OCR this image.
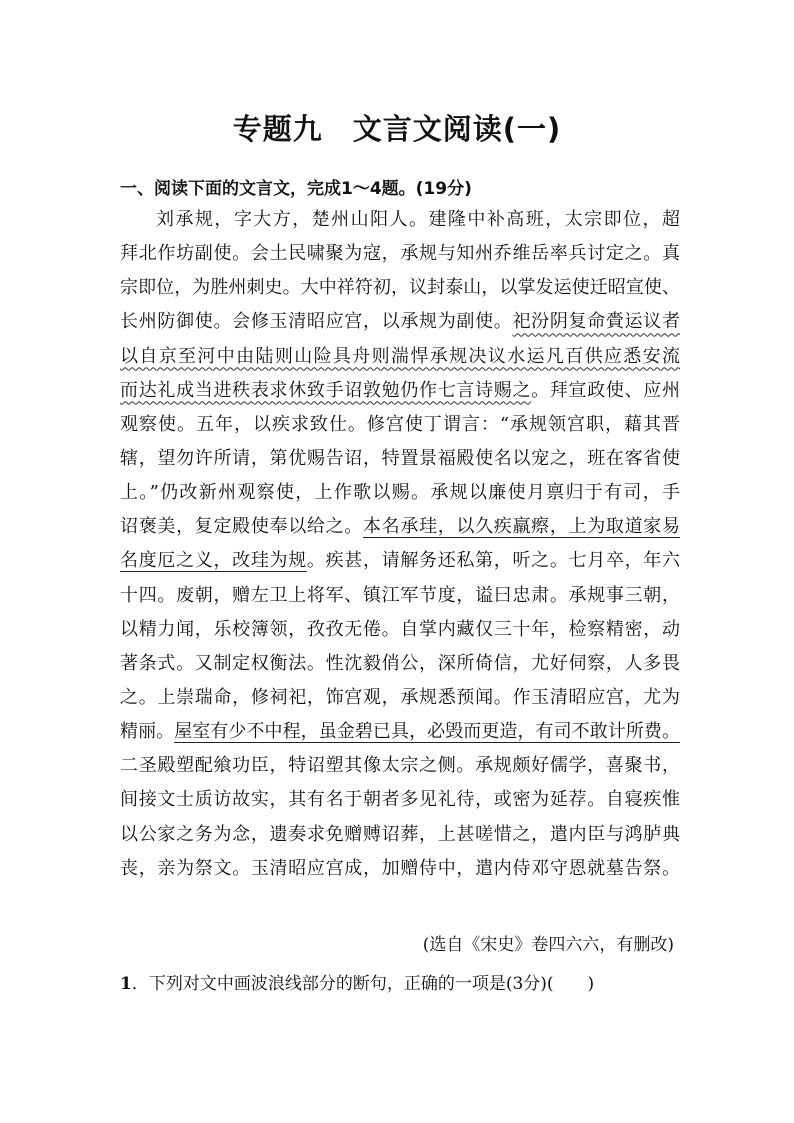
专题九　文言文阅读(一)
一、阅读下面的文言文，完成1～4题。(19分)
刘承规，字大方，楚州山阳人。建隆中补高班，太宗即位，超
拜北作坊副使。会土民啸聚为寇，承规与知州乔维岳率兵讨定之。真
宗即位，为胜州刺史。大中祥符初，议封泰山，以掌发运使迁昭宣使、
长州防御使。会修玉清昭应宫，以承规为副使。祀汾阴复命賫运议者
以自京至河中由陆则山险具舟则湍悍承规决议水运凡百供应悉安流
而达礼成当进秩表求休致手诏敦勉仍作七言诗赐之。拜宣政使、应州
观察使。五年，以疾求致仕。修宫使丁谓言：“承规领宫职，藉其晋
辖，望勿许所请，第优赐告诏，特置景福殿使名以宠之，班在客省使
上。”仍改新州观察使，上作歌以赐。承规以廉使月禀归于有司，手
诏褒美，复定殿使奉以给之。本名承珪，以久疾羸瘵，上为取道家易
名度厄之义，改珪为规。疾甚，请解务还私第，听之。七月卒，年六
十四。废朝，赠左卫上将军、镇江军节度，谥曰忠肃。承规事三朝，
以精力闻，乐校簿领，孜孜无倦。自掌内藏仅三十年，检察精密，动
著条式。又制定权衡法。性沈毅俏公，深所倚信，尤好伺察，人多畏
之。上崇瑞命，修祠祀，饰宫观，承规悉预闻。作玉清昭应宫，尤为
精丽。屋室有少不中程，虽金碧已具，必毁而更造，有司不敢计所费。
二圣殿塑配飨功臣，特诏塑其像太宗之侧。承规颇好儒学，喜聚书，
间接文士质访故实，其有名于朝者多见礼待，或密为延荐。自寝疾惟
以公家之务为念，遗奏求免赠赙诏葬，上甚嗟惜之，遣内臣与鸿胪典
丧，亲为祭文。玉清昭应宫成，加赠侍中，遣内侍邓守恩就墓告祭。
(选自《宋史》卷四六六，有删改)
1．下列对文中画波浪线部分的断句，正确的一项是(3分)(　　)
